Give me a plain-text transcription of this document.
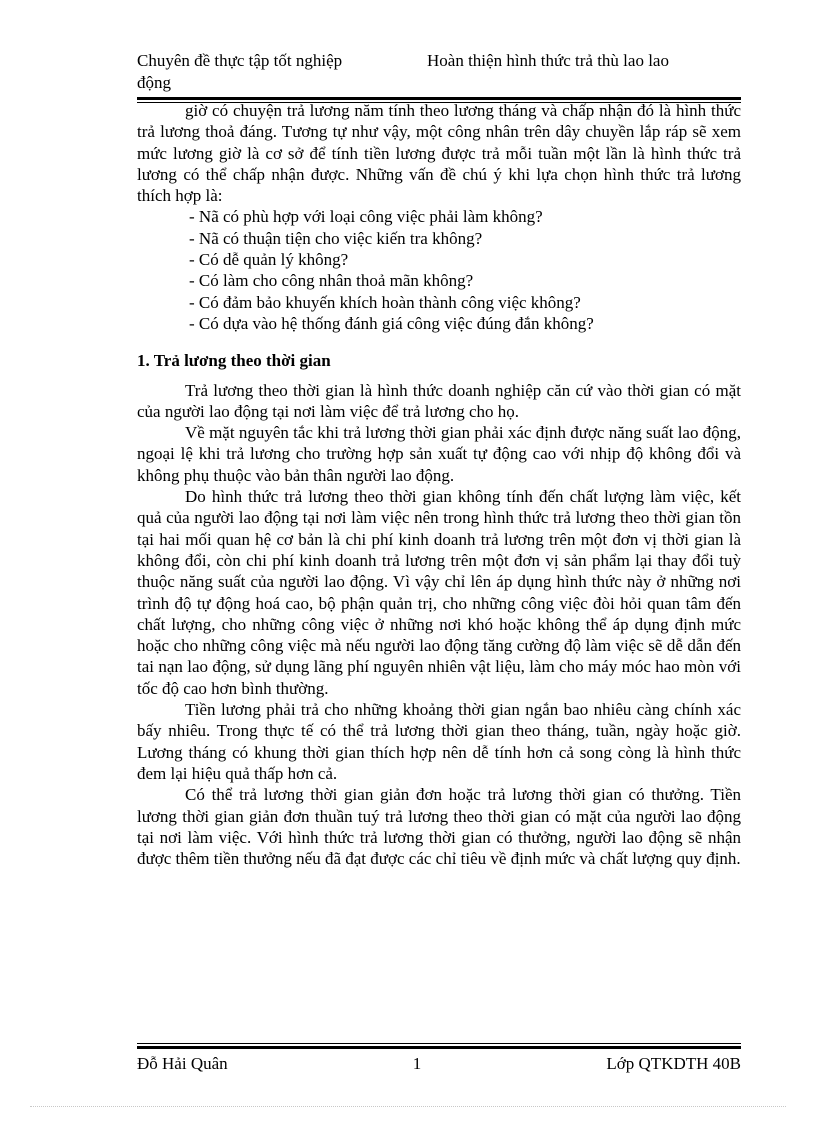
Chuyên đề thực tập tốt nghiệp	Hoàn thiện hình thức trả thù lao lao
động

giờ có chuyện trả lương năm tính theo lương tháng và chấp nhận đó là hình thức trả lương thoả đáng. Tương tự như vậy, một công nhân trên dây chuyền lắp ráp sẽ xem mức lương giờ là cơ sở để tính tiền lương được trả mỗi tuần một lần là hình thức trả lương có thể chấp nhận được. Những vấn đề chú ý khi lựa chọn hình thức trả lương thích hợp là:

- Nã có phù hợp với loại công việc phải làm không?

- Nã có thuận tiện cho việc kiến tra không?

- Có dễ quản lý không?

- Có làm cho công nhân thoả mãn không?

- Có đảm bảo khuyến khích hoàn thành công việc không?

- Có dựa vào hệ thống đánh giá công việc đúng đắn không?

1. Trả lương theo thời gian

Trả lương theo thời gian là hình thức doanh nghiệp căn cứ vào thời gian có mặt của người lao động tại nơi làm việc để trả lương cho họ.

Về mặt nguyên tắc khi trả lương thời gian phải xác định được năng suất lao động, ngoại lệ khi trả lương cho trường hợp sản xuất tự động cao với nhịp độ không đổi và không phụ thuộc vào bản thân người lao động.

Do hình thức trả lương theo thời gian không tính đến chất lượng làm việc, kết quả của người lao động tại nơi làm việc nên trong hình thức trả lương theo thời gian tồn tại hai mối quan hệ cơ bản là chi phí kinh doanh trả lương trên một đơn vị thời gian là không đổi, còn chi phí kinh doanh trả lương trên một đơn vị sản phẩm lại thay đổi tuỳ thuộc năng suất của người lao động. Vì vậy chỉ lên áp dụng hình thức này ở những nơi trình độ tự động hoá cao, bộ phận quản trị, cho những công việc đòi hỏi quan tâm đến chất lượng, cho những công việc ở những nơi khó hoặc không thể áp dụng định mức hoặc cho những công việc mà nếu người lao động tăng cường độ làm việc sẽ dễ dẫn đến tai nạn lao động, sử dụng lãng phí nguyên nhiên vật liệu, làm cho máy móc hao mòn với tốc độ cao hơn bình thường.

Tiền lương phải trả cho những khoảng thời gian ngắn bao nhiêu càng chính xác bấy nhiêu. Trong thực tế có thể trả lương thời gian theo tháng, tuần, ngày hoặc giờ. Lương tháng có khung thời gian thích hợp nên dễ tính hơn cả song còng là hình thức đem lại hiệu quả thấp hơn cả.

Có thể trả lương thời gian giản đơn hoặc trả lương thời gian có thưởng. Tiền lương thời gian giản đơn thuần tuý trả lương theo thời gian có mặt của người lao động tại nơi làm việc. Với hình thức trả lương thời gian có thưởng, người lao động sẽ nhận được thêm tiền thưởng nếu đã đạt được các chỉ tiêu về định mức và chất lượng quy định.

Đỗ Hải Quân	1	Lớp QTKDTH 40B
